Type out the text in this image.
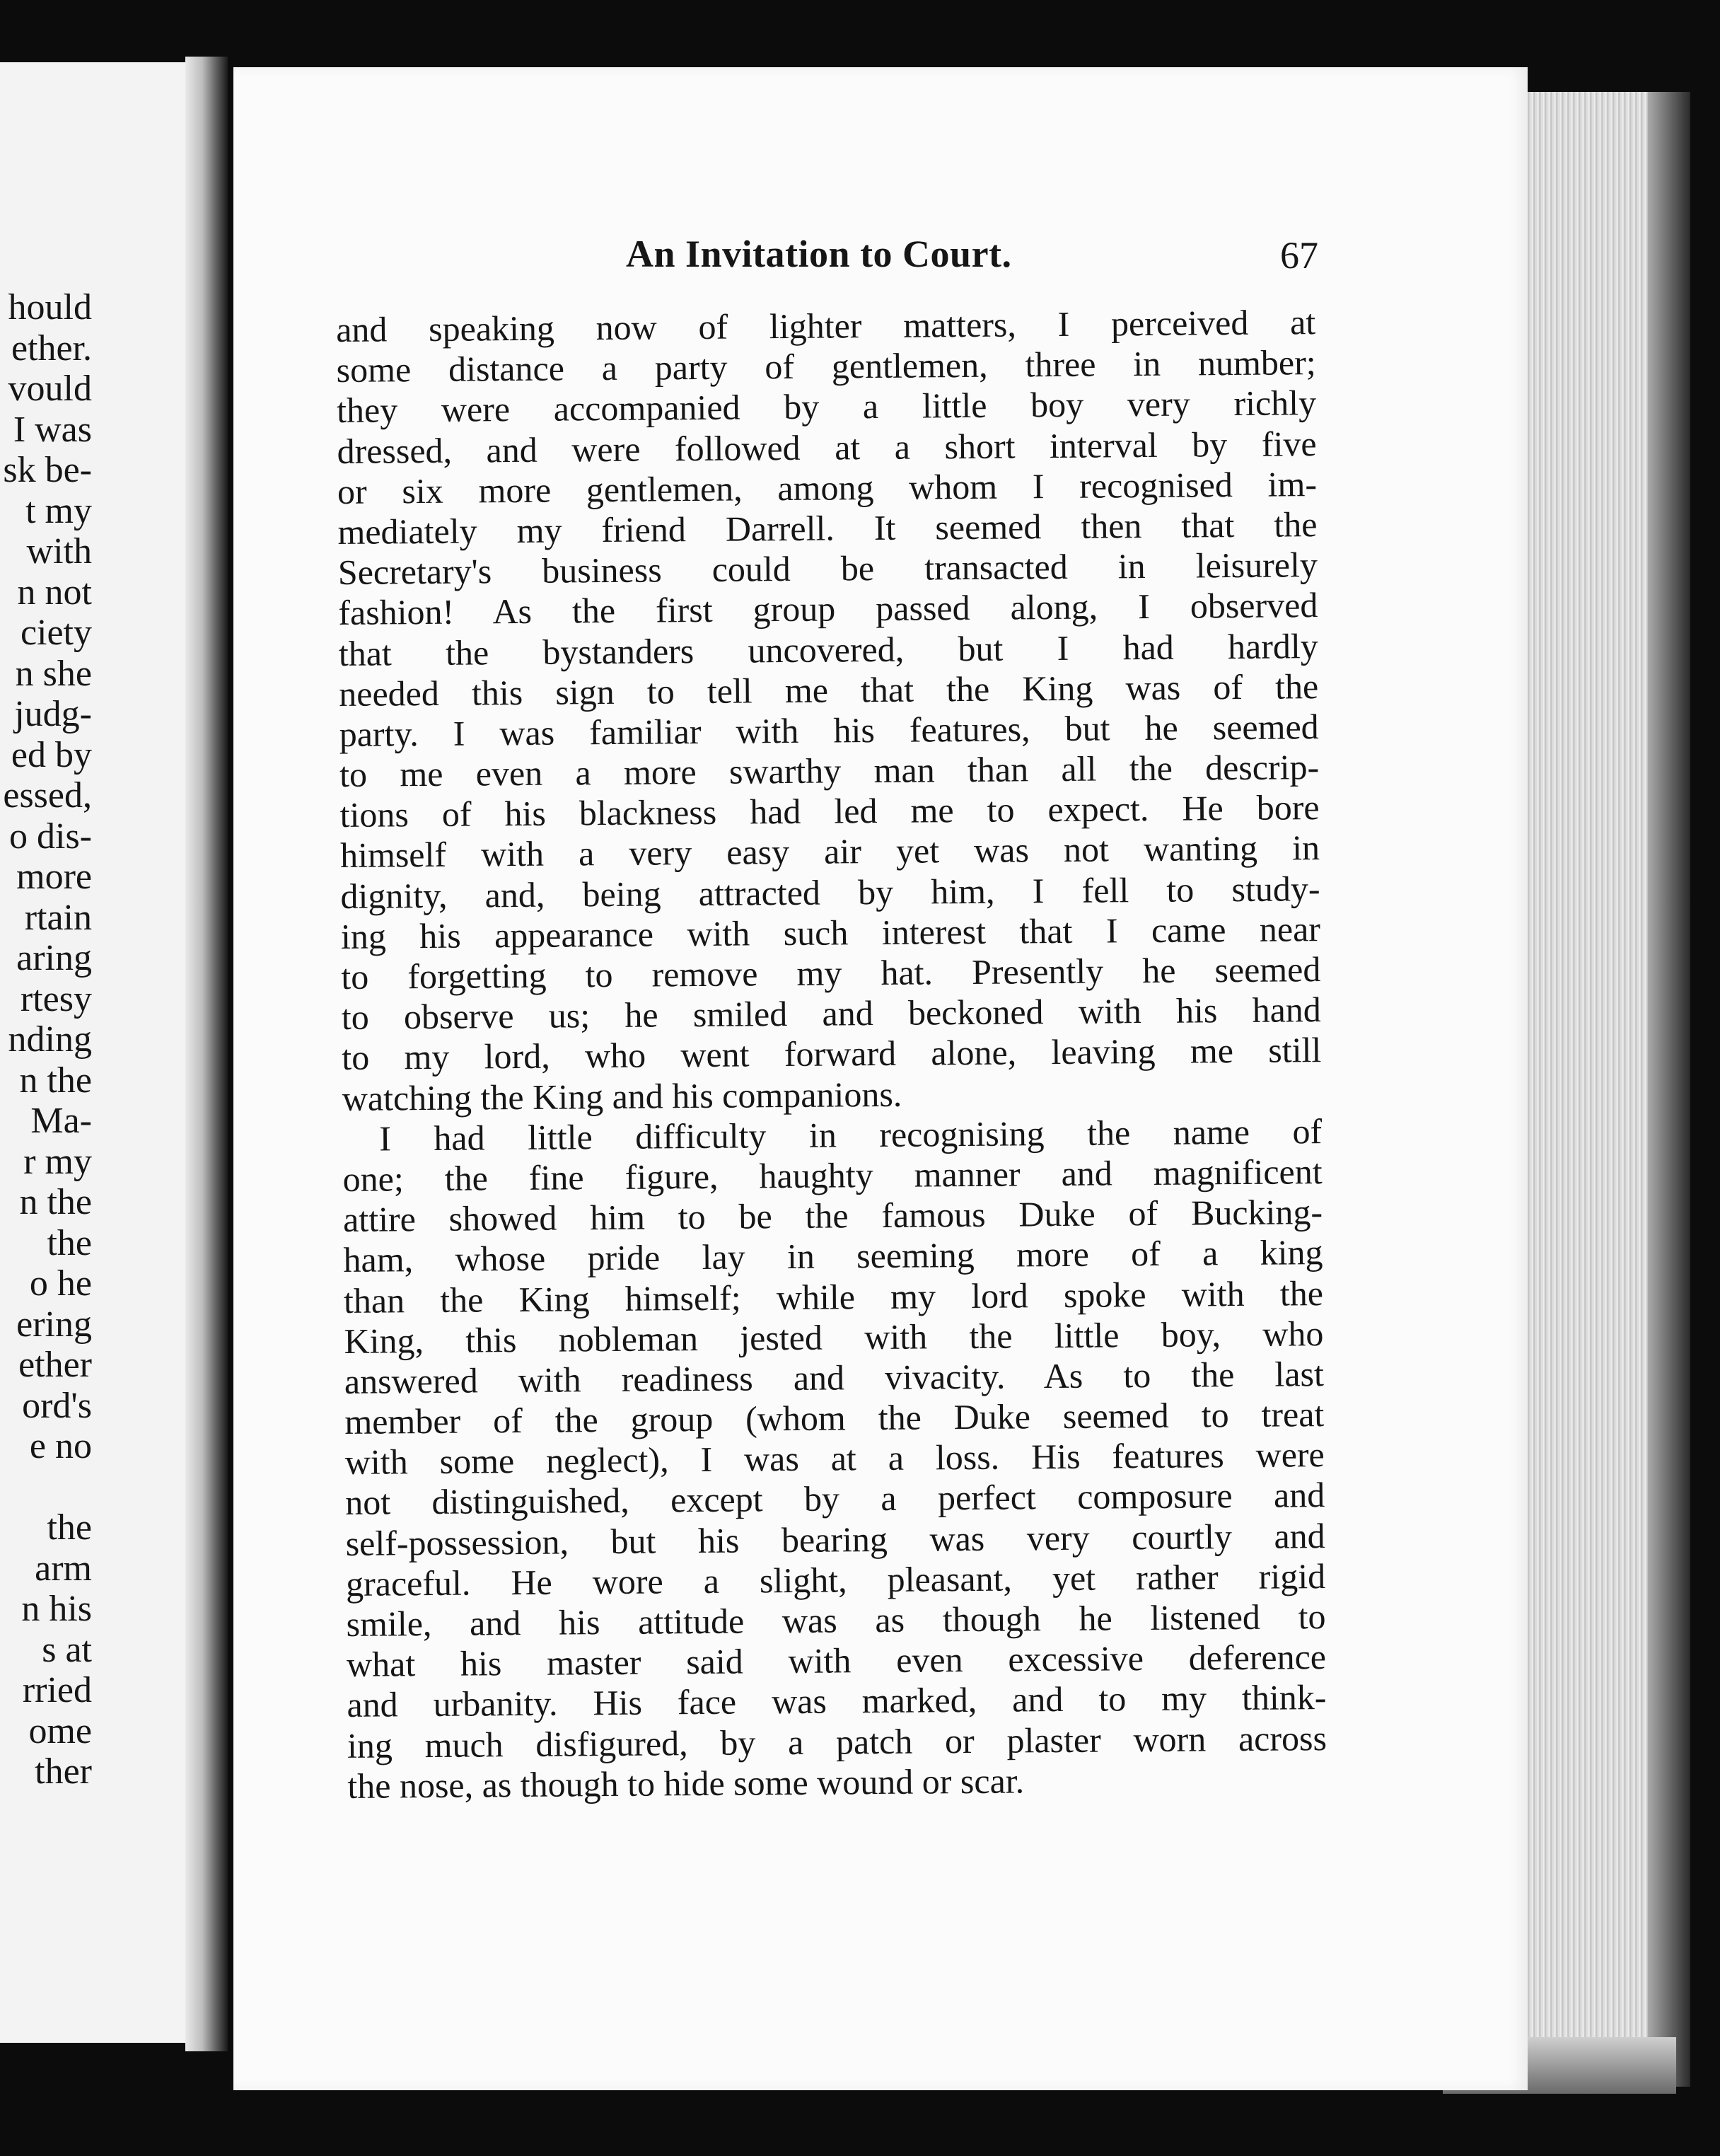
hould
ether.
vould
I was
sk be-
t my
with
n not
ciety
n she
judg-
ed by
essed,
o dis-
more
rtain
aring
rtesy
nding
n the
Ma-
r my
n the
the
o he
ering
ether
ord's
e no
the
arm
n his
s at
rried
ome
ther
An Invitation to Court.	67
and speaking now of lighter matters, I perceived at
some distance a party of gentlemen, three in number;
they were accompanied by a little boy very richly
dressed, and were followed at a short interval by five
or six more gentlemen, among whom I recognised im-
mediately my friend Darrell. It seemed then that the
Secretary's business could be transacted in leisurely
fashion! As the first group passed along, I observed
that the bystanders uncovered, but I had hardly
needed this sign to tell me that the King was of the
party. I was familiar with his features, but he seemed
to me even a more swarthy man than all the descrip-
tions of his blackness had led me to expect. He bore
himself with a very easy air yet was not wanting in
dignity, and, being attracted by him, I fell to study-
ing his appearance with such interest that I came near
to forgetting to remove my hat. Presently he seemed
to observe us; he smiled and beckoned with his hand
to my lord, who went forward alone, leaving me still
watching the King and his companions.
I had little difficulty in recognising the name of
one; the fine figure, haughty manner and magnificent
attire showed him to be the famous Duke of Bucking-
ham, whose pride lay in seeming more of a king
than the King himself; while my lord spoke with the
King, this nobleman jested with the little boy, who
answered with readiness and vivacity. As to the last
member of the group (whom the Duke seemed to treat
with some neglect), I was at a loss. His features were
not distinguished, except by a perfect composure and
self-possession, but his bearing was very courtly and
graceful. He wore a slight, pleasant, yet rather rigid
smile, and his attitude was as though he listened to
what his master said with even excessive deference
and urbanity. His face was marked, and to my think-
ing much disfigured, by a patch or plaster worn across
the nose, as though to hide some wound or scar.
